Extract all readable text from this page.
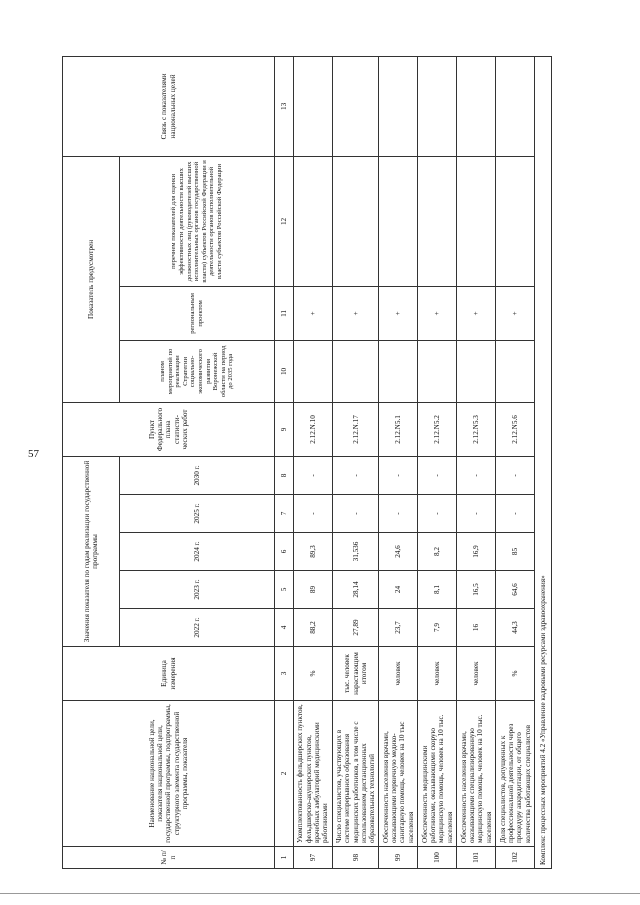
57
№ п/п	Наименование национальной цели, показателя национальной цели, государственной программы, подпрограммы, структурного элемента государственной программы, показателя	Единица измерения	Значения показателя по годам реализации государственной программы					Пункт Федерального плана статисти-ческих работ	Показатель предусмотрен			Связь с показателями национальных целей
			2022 г.	2023 г.	2024 г.	2025 г.	2030 г.		планом мероприятий по реализации Стратегии социально-экономического развития Воронежской области на период до 2035 года	региональным проектом	перечнем показателей для оценки эффективности деятельности высших должностных лиц (руководителей высших исполнительных органов государственной власти) субъектов Российской Федерации и деятельности органов исполнительной власти субъектов Российской Федерации	
1	2	3	4	5	6	7	8	9	10	11	12	13
97	Укомплектованность фельдшерских пунктов, фельдшерско-акушерских пунктов, врачебных амбулаторий медицинскими работниками	%	88,2	89	89,3	-	-	2.12.N.10		+		
98	Число специалистов, участвующих в системе непрерывного образования медицинских работников, в том числе с использованием дистанционных образовательных технологий	тыс. человек нарастающим итогом	27,89	28,14	31,536	-	-	2.12.N.17		+		
99	Обеспеченность населения врачами, оказывающими первичную медико-санитарную помощь, человек на 10 тыс населения	человек	23,7	24	24,6	-	-	2.12.N5.1		+		
100	Обеспеченность медицинскими работниками, оказывающими скорую медицинскую помощь, человек на 10 тыс. населения	человек	7,9	8,1	8,2	-	-	2.12.N5.2		+		
101	Обеспеченность населения врачами, оказывающими специализированную медицинскую помощь, человек на 10 тыс. населения	человек	16	16,5	16,9	-	-	2.12.N5.3		+		
102	Доля специалистов, допущенных к профессиональной деятельности через процедуру аккредитации, от общего количества работающих специалистов	%	44,3	64,6	85	-	-	2.12.N5.6		+		
Комплекс процессных мероприятий 4.2 «Управление кадровыми ресурсами здравоохранения»												
